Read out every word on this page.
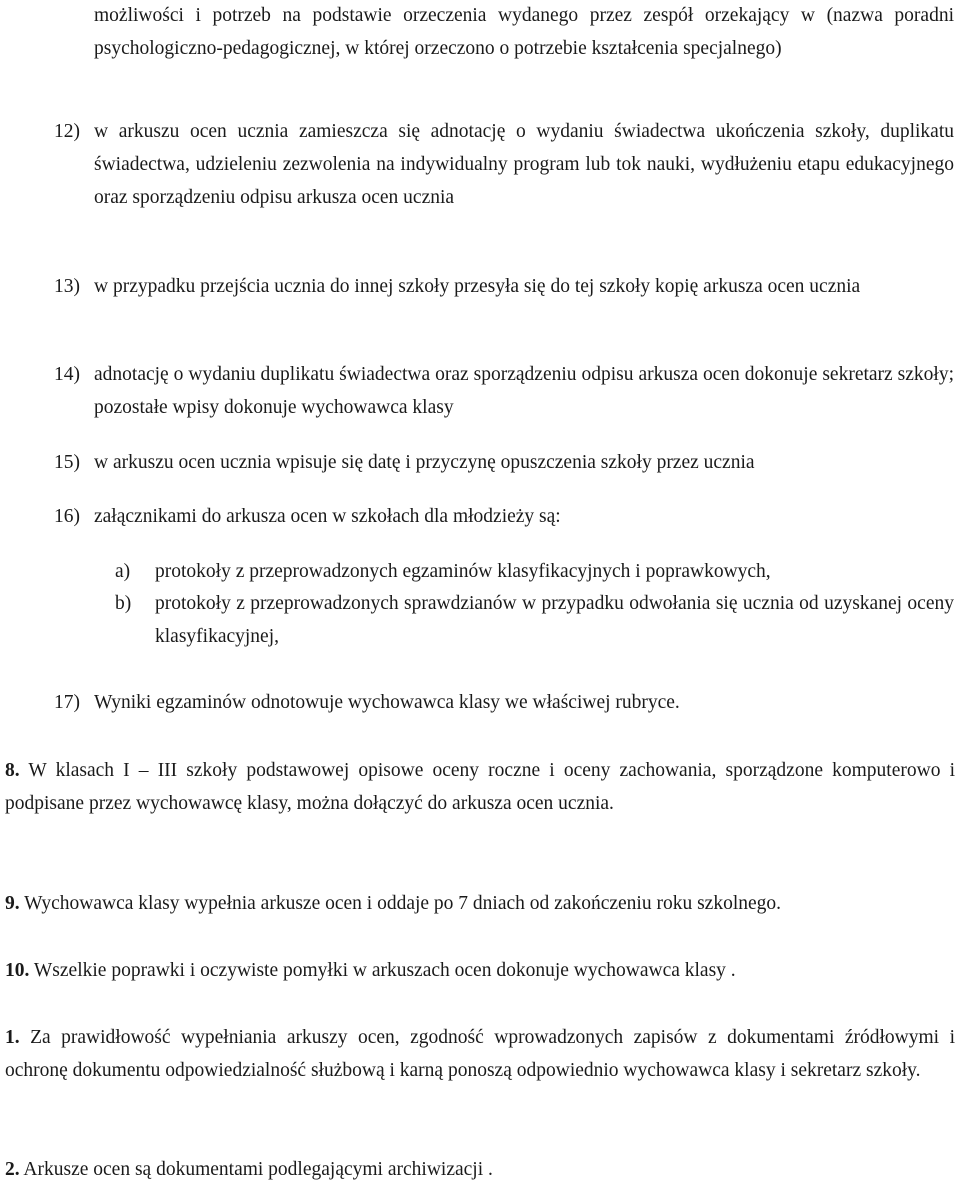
możliwości i potrzeb na podstawie orzeczenia wydanego przez zespół orzekający w (nazwa poradni psychologiczno-pedagogicznej, w której orzeczono o potrzebie kształcenia specjalnego)

12) w arkuszu ocen ucznia zamieszcza się adnotację o wydaniu świadectwa ukończenia szkoły, duplikatu świadectwa, udzieleniu zezwolenia na indywidualny program lub tok nauki, wydłużeniu etapu edukacyjnego oraz sporządzeniu odpisu arkusza ocen ucznia

13) w przypadku przejścia ucznia do innej szkoły przesyła się do tej szkoły kopię arkusza ocen ucznia

14) adnotację o wydaniu duplikatu świadectwa oraz sporządzeniu odpisu arkusza ocen dokonuje sekretarz szkoły; pozostałe wpisy dokonuje wychowawca klasy

15) w arkuszu ocen ucznia wpisuje się datę i przyczynę opuszczenia szkoły przez ucznia

16) załącznikami do arkusza ocen w szkołach dla młodzieży są:

a) protokoły z przeprowadzonych egzaminów klasyfikacyjnych i poprawkowych,

b) protokoły z przeprowadzonych sprawdzianów w przypadku odwołania się ucznia od uzyskanej oceny klasyfikacyjnej,

17) Wyniki egzaminów odnotowuje wychowawca klasy we właściwej rubryce.

8. W klasach I – III szkoły podstawowej opisowe oceny roczne i oceny zachowania, sporządzone komputerowo i podpisane przez wychowawcę klasy, można dołączyć do arkusza ocen ucznia.

9. Wychowawca klasy wypełnia arkusze ocen i oddaje po 7 dniach od zakończeniu roku szkolnego.

10. Wszelkie poprawki i oczywiste pomyłki w arkuszach ocen dokonuje wychowawca klasy .

1. Za prawidłowość wypełniania arkuszy ocen, zgodność wprowadzonych zapisów z dokumentami źródłowymi i ochronę dokumentu odpowiedzialność służbową i karną ponoszą odpowiednio wychowawca klasy i sekretarz szkoły.

2. Arkusze ocen są dokumentami podlegającymi archiwizacji .
